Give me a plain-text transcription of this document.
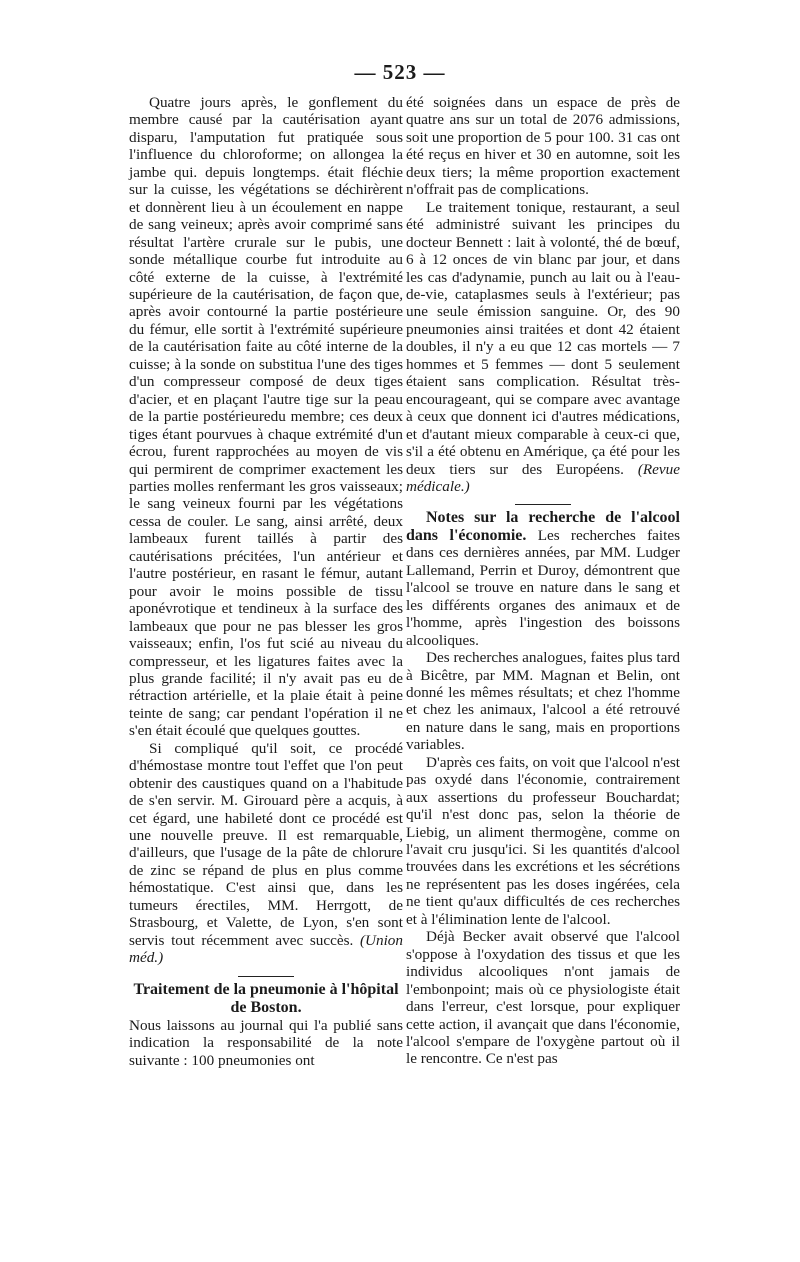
— 523 —

Quatre jours après, le gonflement du membre causé par la cautérisation ayant disparu, l'amputation fut pratiquée sous l'influence du chloroforme; on allongea la jambe qui. depuis longtemps. était fléchie sur la cuisse, les végétations se déchirèrent et donnèrent lieu à un écoulement en nappe de sang veineux; après avoir comprimé sans résultat l'artère crurale sur le pubis, une sonde métallique courbe fut introduite au côté externe de la cuisse, à l'extrémité supérieure de la cautérisation, de façon que, après avoir contourné la partie postérieure du fémur, elle sortit à l'extrémité supérieure de la cautérisation faite au côté interne de la cuisse; à la sonde on substitua l'une des tiges d'un compresseur composé de deux tiges d'acier, et en plaçant l'autre tige sur la peau de la partie postérieuredu membre; ces deux tiges étant pourvues à chaque extrémité d'un écrou, furent rapprochées au moyen de vis qui permirent de comprimer exactement les parties molles renfermant les gros vaisseaux; le sang veineux fourni par les végétations cessa de couler. Le sang, ainsi arrêté, deux lambeaux furent taillés à partir des cautérisations précitées, l'un antérieur et l'autre postérieur, en rasant le fémur, autant pour avoir le moins possible de tissu aponévrotique et tendineux à la surface des lambeaux que pour ne pas blesser les gros vaisseaux; enfin, l'os fut scié au niveau du compresseur, et les ligatures faites avec la plus grande facilité; il n'y avait pas eu de rétraction artérielle, et la plaie était à peine teinte de sang; car pendant l'opération il ne s'en était écoulé que quelques gouttes.

Si compliqué qu'il soit, ce procédé d'hémostase montre tout l'effet que l'on peut obtenir des caustiques quand on a l'habitude de s'en servir. M. Girouard père a acquis, à cet égard, une habileté dont ce procédé est une nouvelle preuve. Il est remarquable, d'ailleurs, que l'usage de la pâte de chlorure de zinc se répand de plus en plus comme hémostatique. C'est ainsi que, dans les tumeurs érectiles, MM. Herrgott, de Strasbourg, et Valette, de Lyon, s'en sont servis tout récemment avec succès. (Union méd.)

Traitement de la pneumonie à l'hôpital de Boston.

Nous laissons au journal qui l'a publié sans indication la responsabilité de la note suivante : 100 pneumonies ont

été soignées dans un espace de près de quatre ans sur un total de 2076 admissions, soit une proportion de 5 pour 100. 31 cas ont été reçus en hiver et 30 en automne, soit les deux tiers; la même proportion exactement n'offrait pas de complications.

Le traitement tonique, restaurant, a seul été administré suivant les principes du docteur Bennett : lait à volonté, thé de bœuf, 6 à 12 onces de vin blanc par jour, et dans les cas d'adynamie, punch au lait ou à l'eau-de-vie, cataplasmes seuls à l'extérieur; pas une seule émission sanguine. Or, des 90 pneumonies ainsi traitées et dont 42 étaient doubles, il n'y a eu que 12 cas mortels — 7 hommes et 5 femmes — dont 5 seulement étaient sans complication. Résultat très-encourageant, qui se compare avec avantage à ceux que donnent ici d'autres médications, et d'autant mieux comparable à ceux-ci que, s'il a été obtenu en Amérique, ça été pour les deux tiers sur des Européens. (Revue médicale.)

Notes sur la recherche de l'alcool dans l'économie. Les recherches faites dans ces dernières années, par MM. Ludger Lallemand, Perrin et Duroy, démontrent que l'alcool se trouve en nature dans le sang et les différents organes des animaux et de l'homme, après l'ingestion des boissons alcooliques.

Des recherches analogues, faites plus tard à Bicêtre, par MM. Magnan et Belin, ont donné les mêmes résultats; et chez l'homme et chez les animaux, l'alcool a été retrouvé en nature dans le sang, mais en proportions variables.

D'après ces faits, on voit que l'alcool n'est pas oxydé dans l'économie, contrairement aux assertions du professeur Bouchardat; qu'il n'est donc pas, selon la théorie de Liebig, un aliment thermogène, comme on l'avait cru jusqu'ici. Si les quantités d'alcool trouvées dans les excrétions et les sécrétions ne représentent pas les doses ingérées, cela ne tient qu'aux difficultés de ces recherches et à l'élimination lente de l'alcool.

Déjà Becker avait observé que l'alcool s'oppose à l'oxydation des tissus et que les individus alcooliques n'ont jamais de l'embonpoint; mais où ce physiologiste était dans l'erreur, c'est lorsque, pour expliquer cette action, il avançait que dans l'économie, l'alcool s'empare de l'oxygène partout où il le rencontre. Ce n'est pas
